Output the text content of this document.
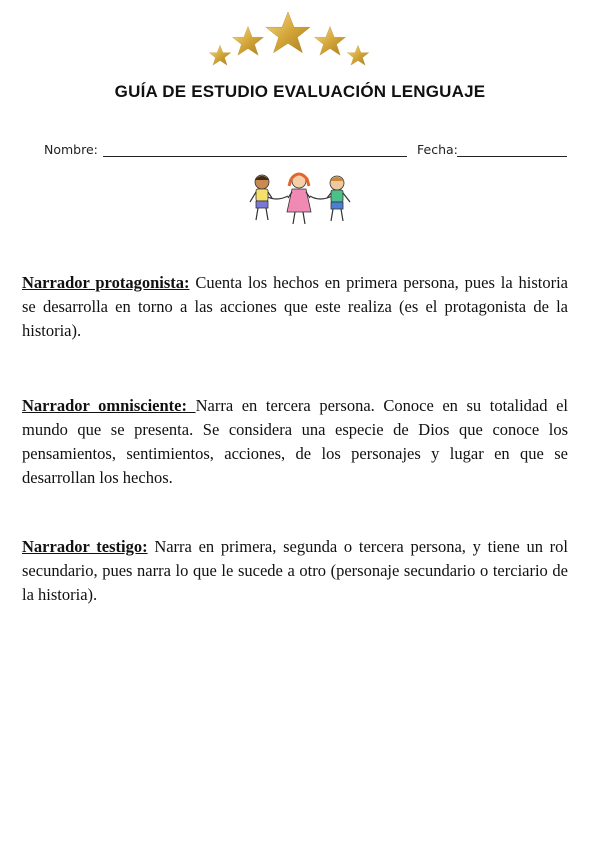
GUÍA DE ESTUDIO EVALUACIÓN LENGUAJE
Nombre:	Fecha:

Narrador protagonista: Cuenta los hechos en primera persona, pues la historia se desarrolla en torno a las acciones que este realiza (es el protagonista de la historia).

Narrador omnisciente: Narra en tercera persona. Conoce en su totalidad el mundo que se presenta. Se considera una especie de Dios que conoce los pensamientos, sentimientos, acciones, de los personajes y lugar en que se desarrollan los hechos.

Narrador testigo: Narra en primera, segunda o tercera persona, y tiene un rol secundario, pues narra lo que le sucede a otro (personaje secundario o terciario de la historia).
